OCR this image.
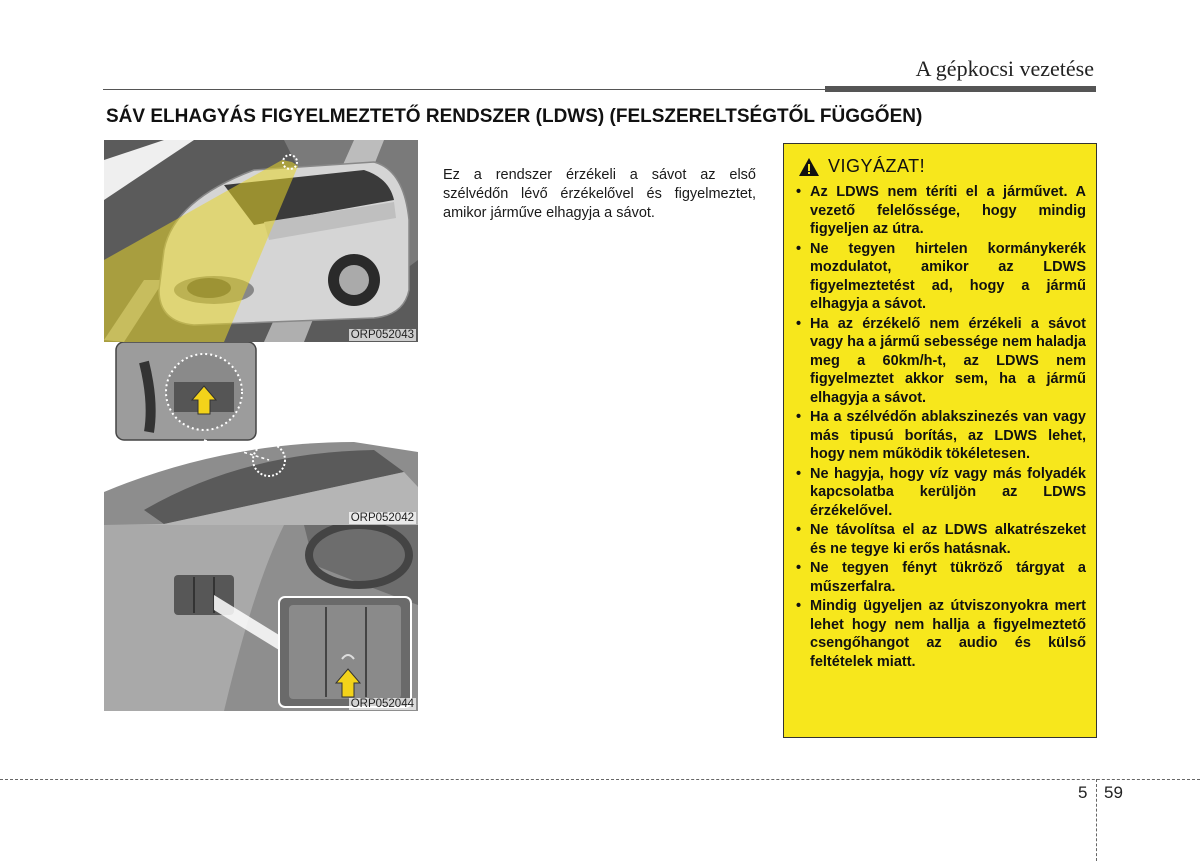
A gépkocsi vezetése
SÁV ELHAGYÁS FIGYELMEZTETŐ RENDSZER (LDWS) (FELSZERELTSÉGTŐL FÜGGŐEN)
ORP052043
ORP052042
ORP052044

Ez a rendszer érzékeli a sávot az első szélvédőn lévő érzékelővel és figyelmeztet, amikor járműve elhagyja a sávot.

VIGYÁZAT!
• Az LDWS nem téríti el a járművet. A vezető felelőssége, hogy mindig figyeljen az útra.
• Ne tegyen hirtelen kormánykerék mozdulatot, amikor az LDWS figyelmeztetést ad, hogy a jármű elhagyja a sávot.
• Ha az érzékelő nem érzékeli a sávot vagy ha a jármű sebessége nem haladja meg a 60km/h-t, az LDWS nem figyelmeztet akkor sem, ha a jármű elhagyja a sávot.
• Ha a szélvédőn ablakszinezés van vagy más tipusú borítás, az LDWS lehet, hogy nem működik tökéletesen.
• Ne hagyja, hogy víz vagy más folyadék kapcsolatba kerüljön az LDWS érzékelővel.
• Ne távolítsa el az LDWS alkatrészeket és ne tegye ki erős hatásnak.
• Ne tegyen fényt tükröző tárgyat a műszerfalra.
• Mindig ügyeljen az útviszonyokra mert lehet hogy nem hallja a figyelmeztető csengőhangot az audio és külső feltételek miatt.
5 59
